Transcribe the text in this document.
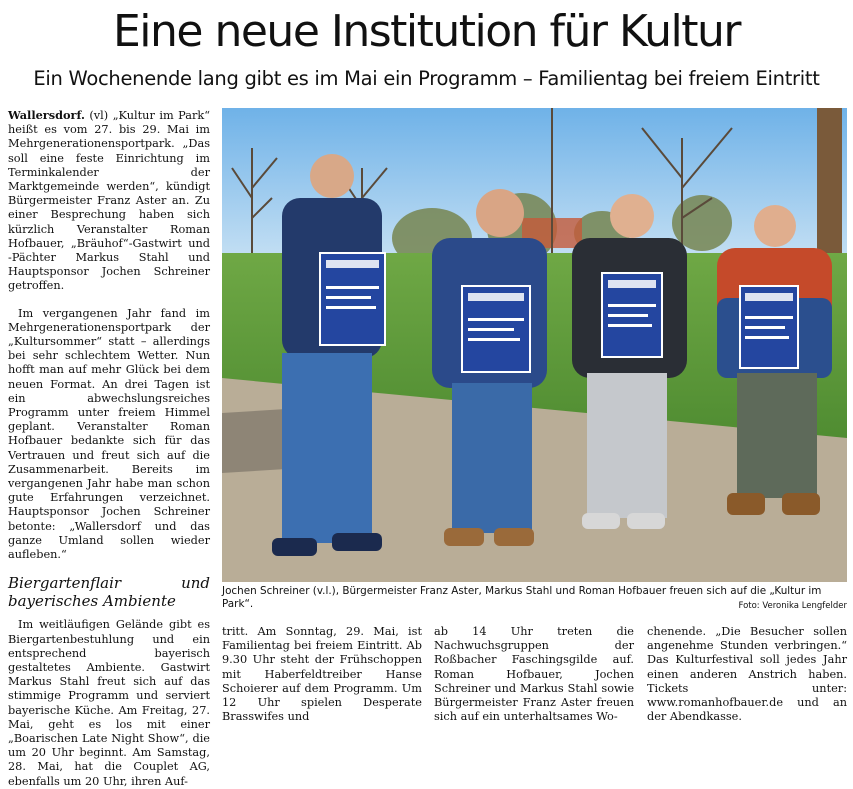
Eine neue Institution für Kultur
Ein Wochenende lang gibt es im Mai ein Programm – Familientag bei freiem Eintritt

Wallersdorf. (vl) „Kultur im Park“ heißt es vom 27. bis 29. Mai im Mehrgenerationensportpark. „Das soll eine feste Einrichtung im Terminkalender der Marktgemeinde werden“, kündigt Bürgermeister Franz Aster an. Zu einer Besprechung haben sich kürzlich Veranstalter Roman Hofbauer, „Bräuhof“-Gastwirt und -Pächter Markus Stahl und Hauptsponsor Jochen Schreiner getroffen.

Im vergangenen Jahr fand im Mehrgenerationensportpark der „Kultursommer“ statt – allerdings bei sehr schlechtem Wetter. Nun hofft man auf mehr Glück bei dem neuen Format. An drei Tagen ist ein abwechslungsreiches Programm unter freiem Himmel geplant. Veranstalter Roman Hofbauer bedankte sich für das Vertrauen und freut sich auf die Zusammenarbeit. Bereits im vergangenen Jahr habe man schon gute Erfahrungen verzeichnet. Hauptsponsor Jochen Schreiner betonte: „Wallersdorf und das ganze Umland sollen wieder aufleben.“

Biergartenflair und bayerisches Ambiente

Im weitläufigen Gelände gibt es Biergartenbestuhlung und ein entsprechend bayerisch gestaltetes Ambiente. Gastwirt Markus Stahl freut sich auf das stimmige Programm und serviert bayerische Küche. Am Freitag, 27. Mai, geht es los mit einer „Boarischen Late Night Show“, die um 20 Uhr beginnt. Am Samstag, 28. Mai, hat die Couplet AG, ebenfalls um 20 Uhr, ihren Auf-

Jochen Schreiner (v.l.), Bürgermeister Franz Aster, Markus Stahl und Roman Hofbauer freuen sich auf die „Kultur im Park“.	Foto: Veronika Lengfelder

tritt. Am Sonntag, 29. Mai, ist Familientag bei freiem Eintritt. Ab 9.30 Uhr steht der Frühschoppen mit Haberfeldtreiber Hanse Schoierer auf dem Programm. Um 12 Uhr spielen Desperate Brasswifes und

ab 14 Uhr treten die Nachwuchsgruppen der Roßbacher Faschingsgilde auf. Roman Hofbauer, Jochen Schreiner und Markus Stahl sowie Bürgermeister Franz Aster freuen sich auf ein unterhaltsames Wo-

chenende. „Die Besucher sollen angenehme Stunden verbringen.“ Das Kulturfestival soll jedes Jahr einen anderen Anstrich haben. Tickets unter: www.romanhofbauer.de und an der Abendkasse.
